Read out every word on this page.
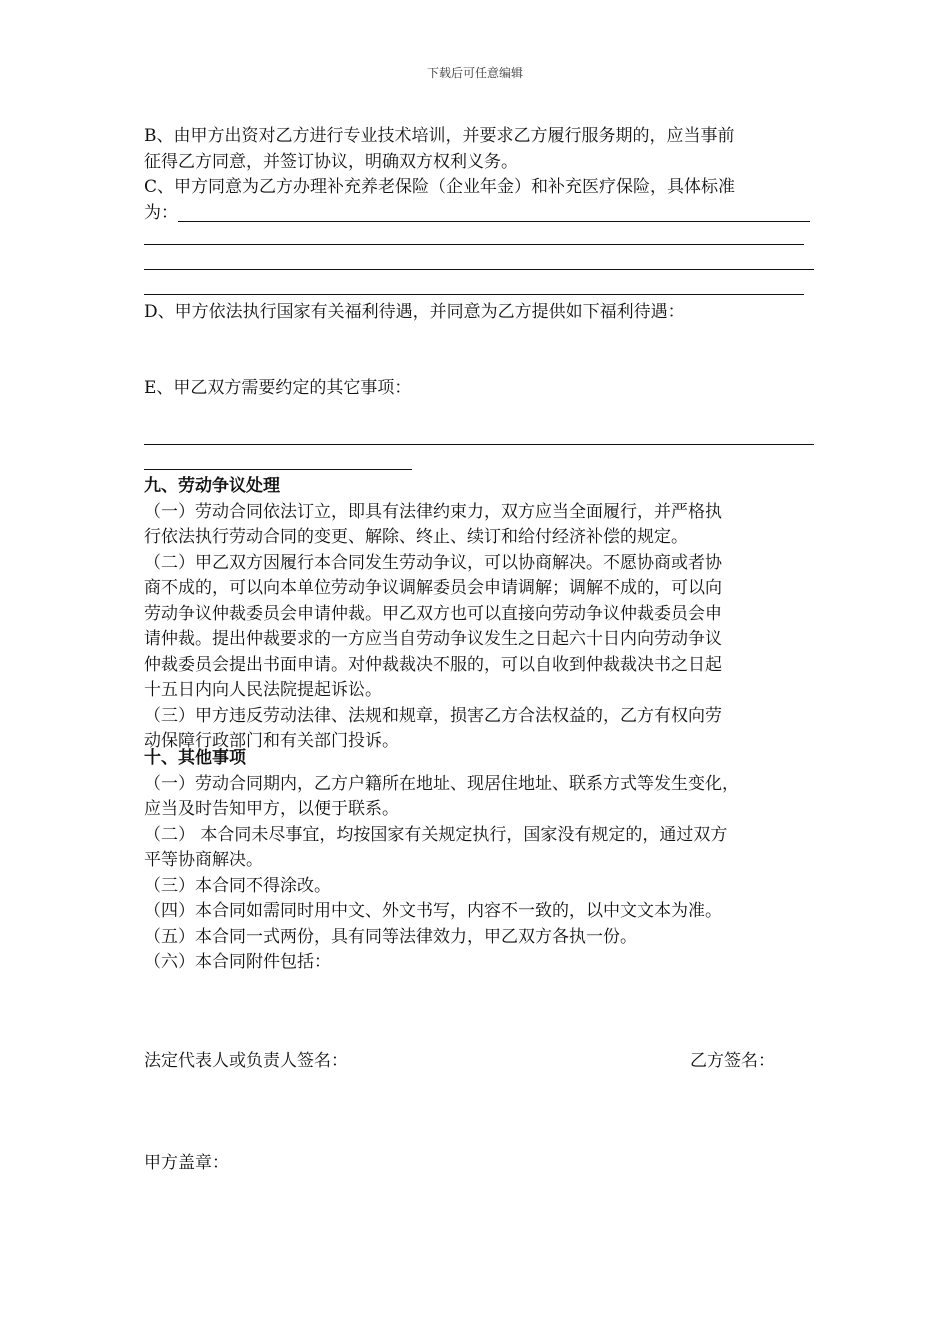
下载后可任意编辑
B、由甲方出资对乙方进行专业技术培训，并要求乙方履行服务期的，应当事前
征得乙方同意，并签订协议，明确双方权利义务。
C、甲方同意为乙方办理补充养老保险（企业年金）和补充医疗保险，具体标准
为：
D、甲方依法执行国家有关福利待遇，并同意为乙方提供如下福利待遇：
E、甲乙双方需要约定的其它事项：
九、劳动争议处理
（一）劳动合同依法订立，即具有法律约束力，双方应当全面履行，并严格执
行依法执行劳动合同的变更、解除、终止、续订和给付经济补偿的规定。
（二）甲乙双方因履行本合同发生劳动争议，可以协商解决。不愿协商或者协
商不成的，可以向本单位劳动争议调解委员会申请调解；调解不成的，可以向
劳动争议仲裁委员会申请仲裁。甲乙双方也可以直接向劳动争议仲裁委员会申
请仲裁。提出仲裁要求的一方应当自劳动争议发生之日起六十日内向劳动争议
仲裁委员会提出书面申请。对仲裁裁决不服的，可以自收到仲裁裁决书之日起
十五日内向人民法院提起诉讼。
（三）甲方违反劳动法律、法规和规章，损害乙方合法权益的，乙方有权向劳
动保障行政部门和有关部门投诉。
十、其他事项
（一）劳动合同期内，乙方户籍所在地址、现居住地址、联系方式等发生变化，
应当及时告知甲方，以便于联系。
（二） 本合同未尽事宜，均按国家有关规定执行，国家没有规定的，通过双方
平等协商解决。
（三）本合同不得涂改。
（四）本合同如需同时用中文、外文书写，内容不一致的，以中文文本为准。
（五）本合同一式两份，具有同等法律效力，甲乙双方各执一份。
（六）本合同附件包括：
法定代表人或负责人签名：	乙方签名：
甲方盖章：
